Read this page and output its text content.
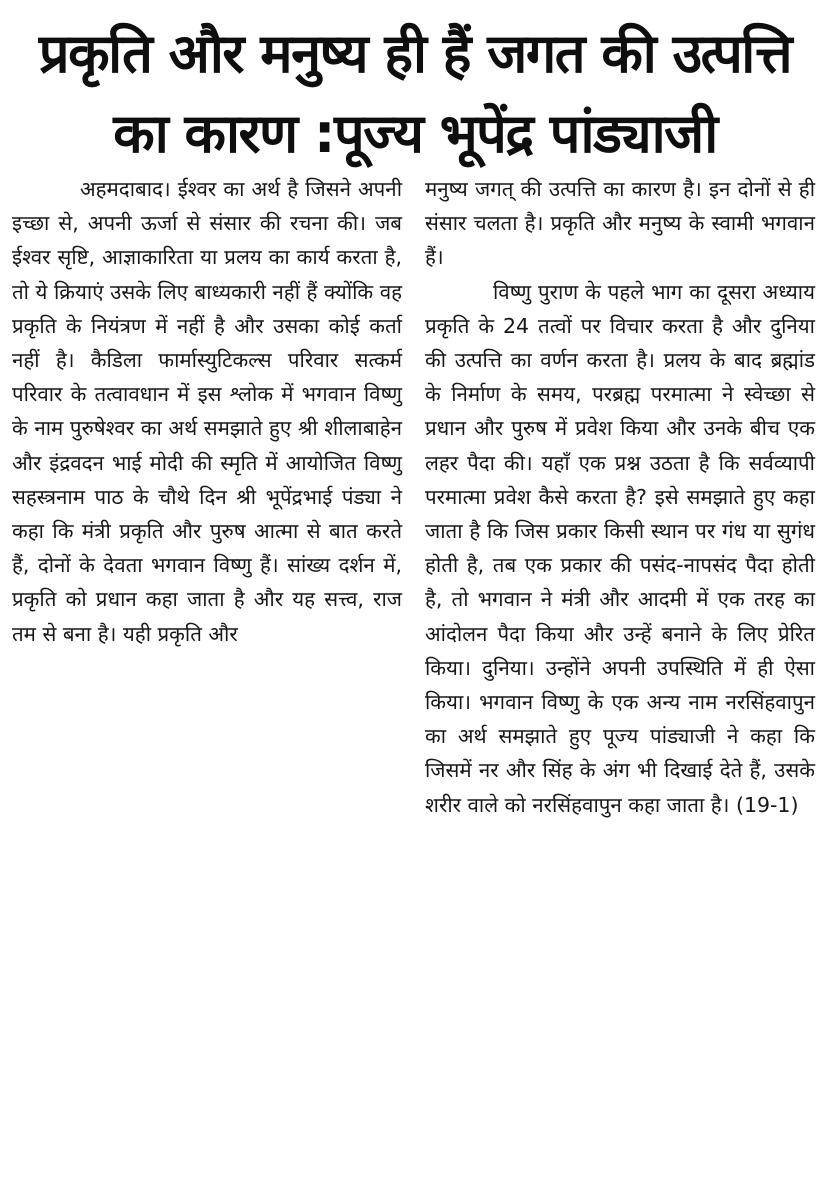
प्रकृति और मनुष्य ही हैं जगत की उत्पत्ति
का कारण :पूज्य भूपेंद्र पांड्याजी

अहमदाबाद। ईश्वर का अर्थ है जिसने अपनी इच्छा से, अपनी ऊर्जा से संसार की रचना की। जब ईश्वर सृष्टि, आज्ञाकारिता या प्रलय का कार्य करता है, तो ये क्रियाएं उसके लिए बाध्यकारी नहीं हैं क्योंकि वह प्रकृति के नियंत्रण में नहीं है और उसका कोई कर्ता नहीं है। कैडिला फार्मास्युटिकल्स परिवार सत्कर्म परिवार के तत्वावधान में इस श्लोक में भगवान विष्णु के नाम पुरुषेश्वर का अर्थ समझाते हुए श्री शीलाबाहेन और इंद्रवदन भाई मोदी की स्मृति में आयोजित विष्णु सहस्त्रनाम पाठ के चौथे दिन श्री भूपेंद्रभाई पंड्या ने कहा कि मंत्री प्रकृति और पुरुष आत्मा से बात करते हैं, दोनों के देवता भगवान विष्णु हैं। सांख्य दर्शन में, प्रकृति को प्रधान कहा जाता है और यह सत्त्व, राज तम से बना है। यही प्रकृति और

मनुष्य जगत् की उत्पत्ति का कारण है। इन दोनों से ही संसार चलता है। प्रकृति और मनुष्य के स्वामी भगवान हैं।

विष्णु पुराण के पहले भाग का दूसरा अध्याय प्रकृति के 24 तत्वों पर विचार करता है और दुनिया की उत्पत्ति का वर्णन करता है। प्रलय के बाद ब्रह्मांड के निर्माण के समय, परब्रह्म परमात्मा ने स्वेच्छा से प्रधान और पुरुष में प्रवेश किया और उनके बीच एक लहर पैदा की। यहाँ एक प्रश्न उठता है कि सर्वव्यापी परमात्मा प्रवेश कैसे करता है? इसे समझाते हुए कहा जाता है कि जिस प्रकार किसी स्थान पर गंध या सुगंध होती है, तब एक प्रकार की पसंद-नापसंद पैदा होती है, तो भगवान ने मंत्री और आदमी में एक तरह का आंदोलन पैदा किया और उन्हें बनाने के लिए प्रेरित किया। दुनिया। उन्होंने अपनी उपस्थिति में ही ऐसा किया। भगवान विष्णु के एक अन्य नाम नरसिंहवापुन का अर्थ समझाते हुए पूज्य पांड्याजी ने कहा कि जिसमें नर और सिंह के अंग भी दिखाई देते हैं, उसके शरीर वाले को नरसिंहवापुन कहा जाता है। (19-1)
